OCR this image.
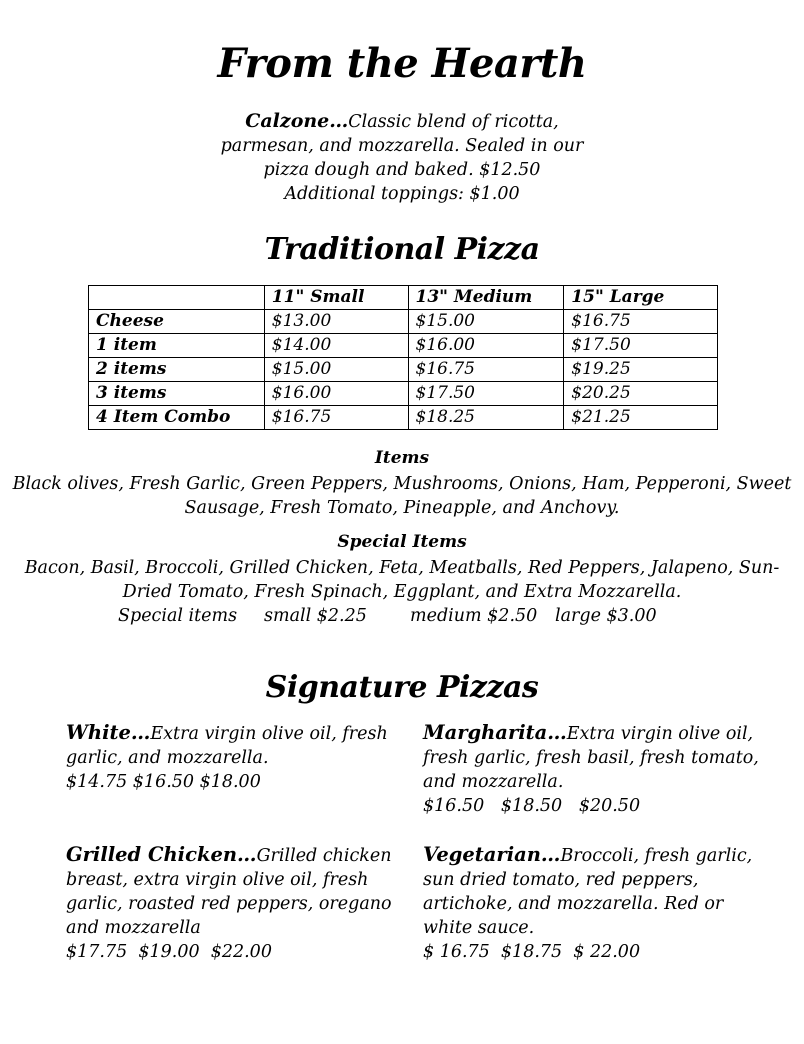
From the Hearth
Calzone…Classic blend of ricotta,
parmesan, and mozzarella. Sealed in our
pizza dough and baked. $12.50
Additional toppings: $1.00
Traditional Pizza
	11" Small	13" Medium	15" Large
Cheese	$13.00	$15.00	$16.75
1 item	$14.00	$16.00	$17.50
2 items	$15.00	$16.75	$19.25
3 items	$16.00	$17.50	$20.25
4 Item Combo	$16.75	$18.25	$21.25
Items
Black olives, Fresh Garlic, Green Peppers, Mushrooms, Onions, Ham, Pepperoni, Sweet
Sausage, Fresh Tomato, Pineapple, and Anchovy.
Special Items
Bacon, Basil, Broccoli, Grilled Chicken, Feta, Meatballs, Red Peppers, Jalapeno, Sun-
Dried Tomato, Fresh Spinach, Eggplant, and Extra Mozzarella.
Special items small $2.25 medium $2.50 large $3.00
Signature Pizzas
White…Extra virgin olive oil, fresh garlic, and mozzarella.
$14.75 $16.50 $18.00
Margharita…Extra virgin olive oil, fresh garlic, fresh basil, fresh tomato, and mozzarella.
$16.50   $18.50   $20.50
Grilled Chicken…Grilled chicken breast, extra virgin olive oil, fresh garlic, roasted red peppers, oregano and mozzarella
$17.75  $19.00  $22.00
Vegetarian…Broccoli, fresh garlic, sun dried tomato, red peppers, artichoke, and mozzarella. Red or white sauce.
$ 16.75  $18.75  $ 22.00
